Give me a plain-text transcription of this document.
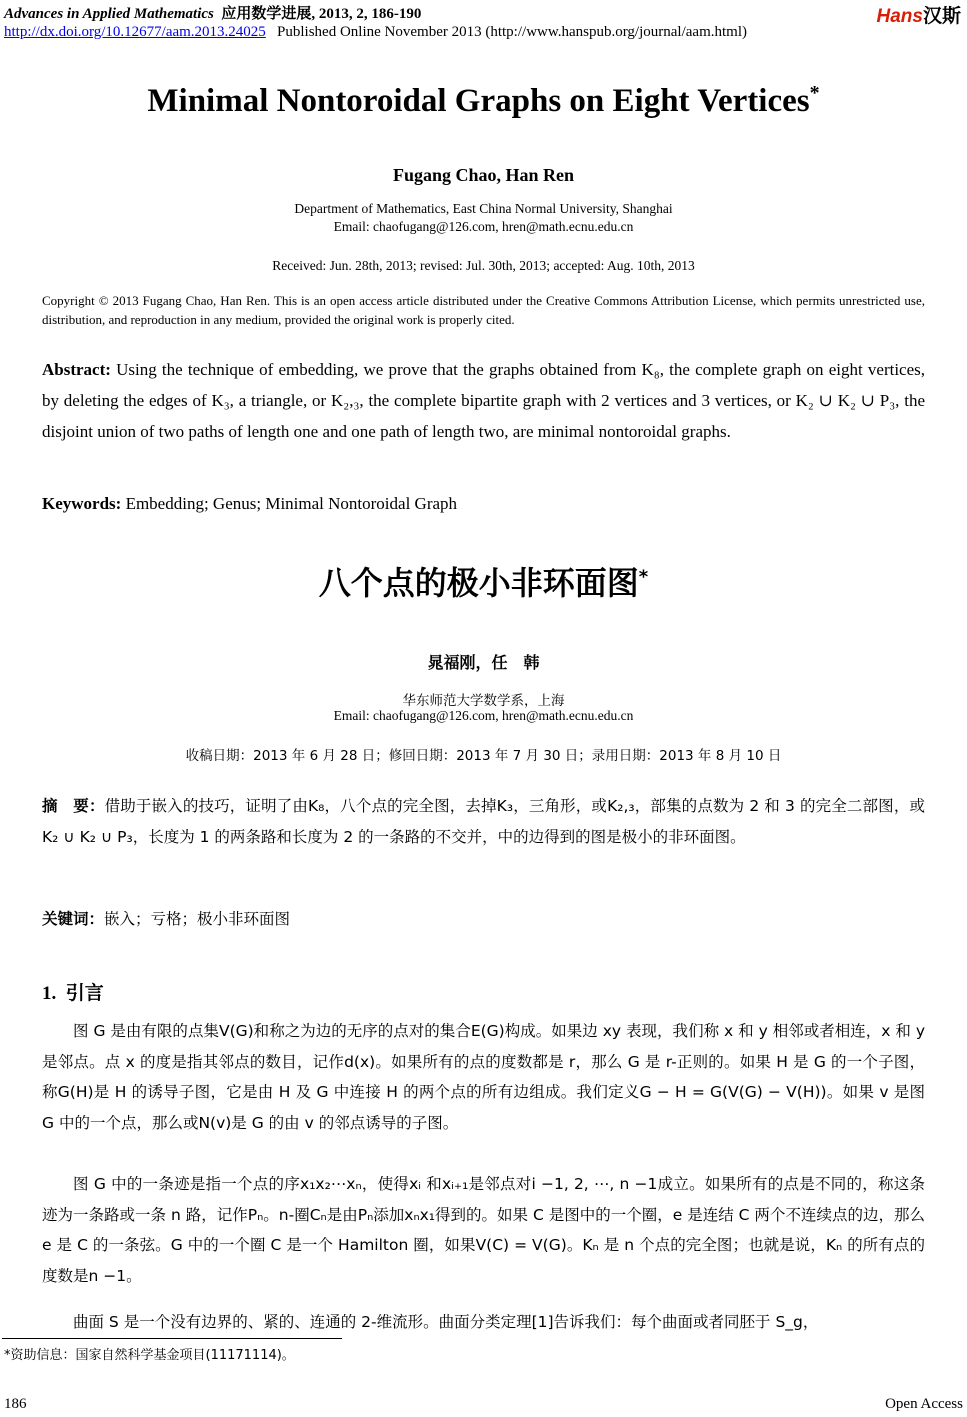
Advances in Applied Mathematics 应用数学进展, 2013, 2, 186-190
http://dx.doi.org/10.12677/aam.2013.24025 Published Online November 2013 (http://www.hanspub.org/journal/aam.html)
Hans汉斯
Minimal Nontoroidal Graphs on Eight Vertices*
Fugang Chao, Han Ren
Department of Mathematics, East China Normal University, Shanghai
Email: chaofugang@126.com, hren@math.ecnu.edu.cn
Received: Jun. 28th, 2013; revised: Jul. 30th, 2013; accepted: Aug. 10th, 2013
Copyright © 2013 Fugang Chao, Han Ren. This is an open access article distributed under the Creative Commons Attribution License, which permits unrestricted use, distribution, and reproduction in any medium, provided the original work is properly cited.
Abstract: Using the technique of embedding, we prove that the graphs obtained from K₈, the complete graph on eight vertices, by deleting the edges of K₃, a triangle, or K₂,₃, the complete bipartite graph with 2 vertices and 3 vertices, or K₂ ∪ K₂ ∪ P₃, the disjoint union of two paths of length one and one path of length two, are minimal nontoroidal graphs.
Keywords: Embedding; Genus; Minimal Nontoroidal Graph
八个点的极小非环面图*
晁福刚，任　韩
华东师范大学数学系，上海
Email: chaofugang@126.com, hren@math.ecnu.edu.cn
收稿日期：2013 年 6 月 28 日；修回日期：2013 年 7 月 30 日；录用日期：2013 年 8 月 10 日
摘　要：借助于嵌入的技巧，证明了由K₈，八个点的完全图，去掉K₃，三角形，或K₂,₃，部集的点数为 2 和 3 的完全二部图，或K₂ ∪ K₂ ∪ P₃，长度为 1 的两条路和长度为 2 的一条路的不交并，中的边得到的图是极小的非环面图。
关键词：嵌入；亏格；极小非环面图
1. 引言
图 G 是由有限的点集V(G)和称之为边的无序的点对的集合E(G)构成。如果边 xy 表现，我们称 x 和 y 相邻或者相连，x 和 y 是邻点。点 x 的度是指其邻点的数目，记作d(x)。如果所有的点的度数都是 r，那么 G 是 r-正则的。如果 H 是 G 的一个子图，称G(H)是 H 的诱导子图，它是由 H 及 G 中连接 H 的两个点的所有边组成。我们定义G − H = G(V(G) − V(H))。如果 v 是图 G 中的一个点，那么或N(v)是 G 的由 v 的邻点诱导的子图。
图 G 中的一条迹是指一个点的序x₁x₂⋯xₙ，使得xᵢ 和xᵢ₊₁是邻点对i −1, 2, ⋯, n −1成立。如果所有的点是不同的，称这条迹为一条路或一条 n 路，记作Pₙ。n-圈Cₙ是由Pₙ添加xₙx₁得到的。如果 C 是图中的一个圈，e 是连结 C 两个不连续点的边，那么 e 是 C 的一条弦。G 中的一个圈 C 是一个 Hamilton 圈，如果V(C) = V(G)。Kₙ 是 n 个点的完全图；也就是说，Kₙ 的所有点的度数是n −1。
曲面 S 是一个没有边界的、紧的、连通的 2-维流形。曲面分类定理[1]告诉我们：每个曲面或者同胚于 S_g，
*资助信息：国家自然科学基金项目(11171114)。
186	Open Access
